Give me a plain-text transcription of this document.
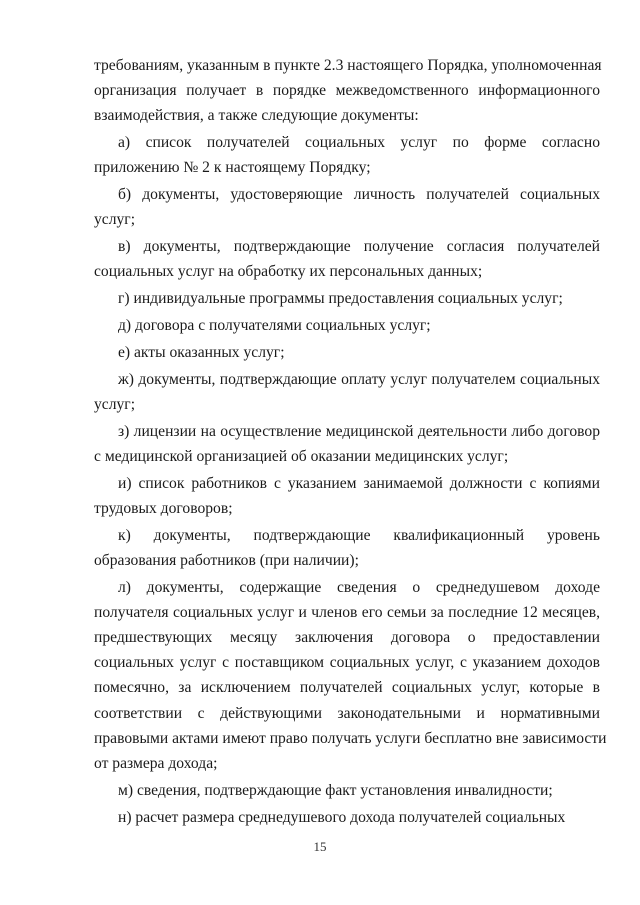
требованиям, указанным в пункте 2.3 настоящего Порядка, уполномоченная
организация получает в порядке межведомственного информационного
взаимодействия, а также следующие документы:
а) список получателей социальных услуг по форме согласно
приложению № 2 к настоящему Порядку;
б) документы, удостоверяющие личность получателей социальных
услуг;
в) документы, подтверждающие получение согласия получателей
социальных услуг на обработку их персональных данных;
г) индивидуальные программы предоставления социальных услуг;
д) договора с получателями социальных услуг;
е) акты оказанных услуг;
ж) документы, подтверждающие оплату услуг получателем социальных
услуг;
з) лицензии на осуществление медицинской деятельности либо договор
с медицинской организацией об оказании медицинских услуг;
и) список работников с указанием занимаемой должности с копиями
трудовых договоров;
к) документы, подтверждающие квалификационный уровень
образования работников (при наличии);
л) документы, содержащие сведения о среднедушевом доходе
получателя социальных услуг и членов его семьи за последние 12 месяцев,
предшествующих месяцу заключения договора о предоставлении
социальных услуг с поставщиком социальных услуг, с указанием доходов
помесячно, за исключением получателей социальных услуг, которые в
соответствии с действующими законодательными и нормативными
правовыми актами имеют право получать услуги бесплатно вне зависимости
от размера дохода;
м) сведения, подтверждающие факт установления инвалидности;
н) расчет размера среднедушевого дохода получателей социальных
15
